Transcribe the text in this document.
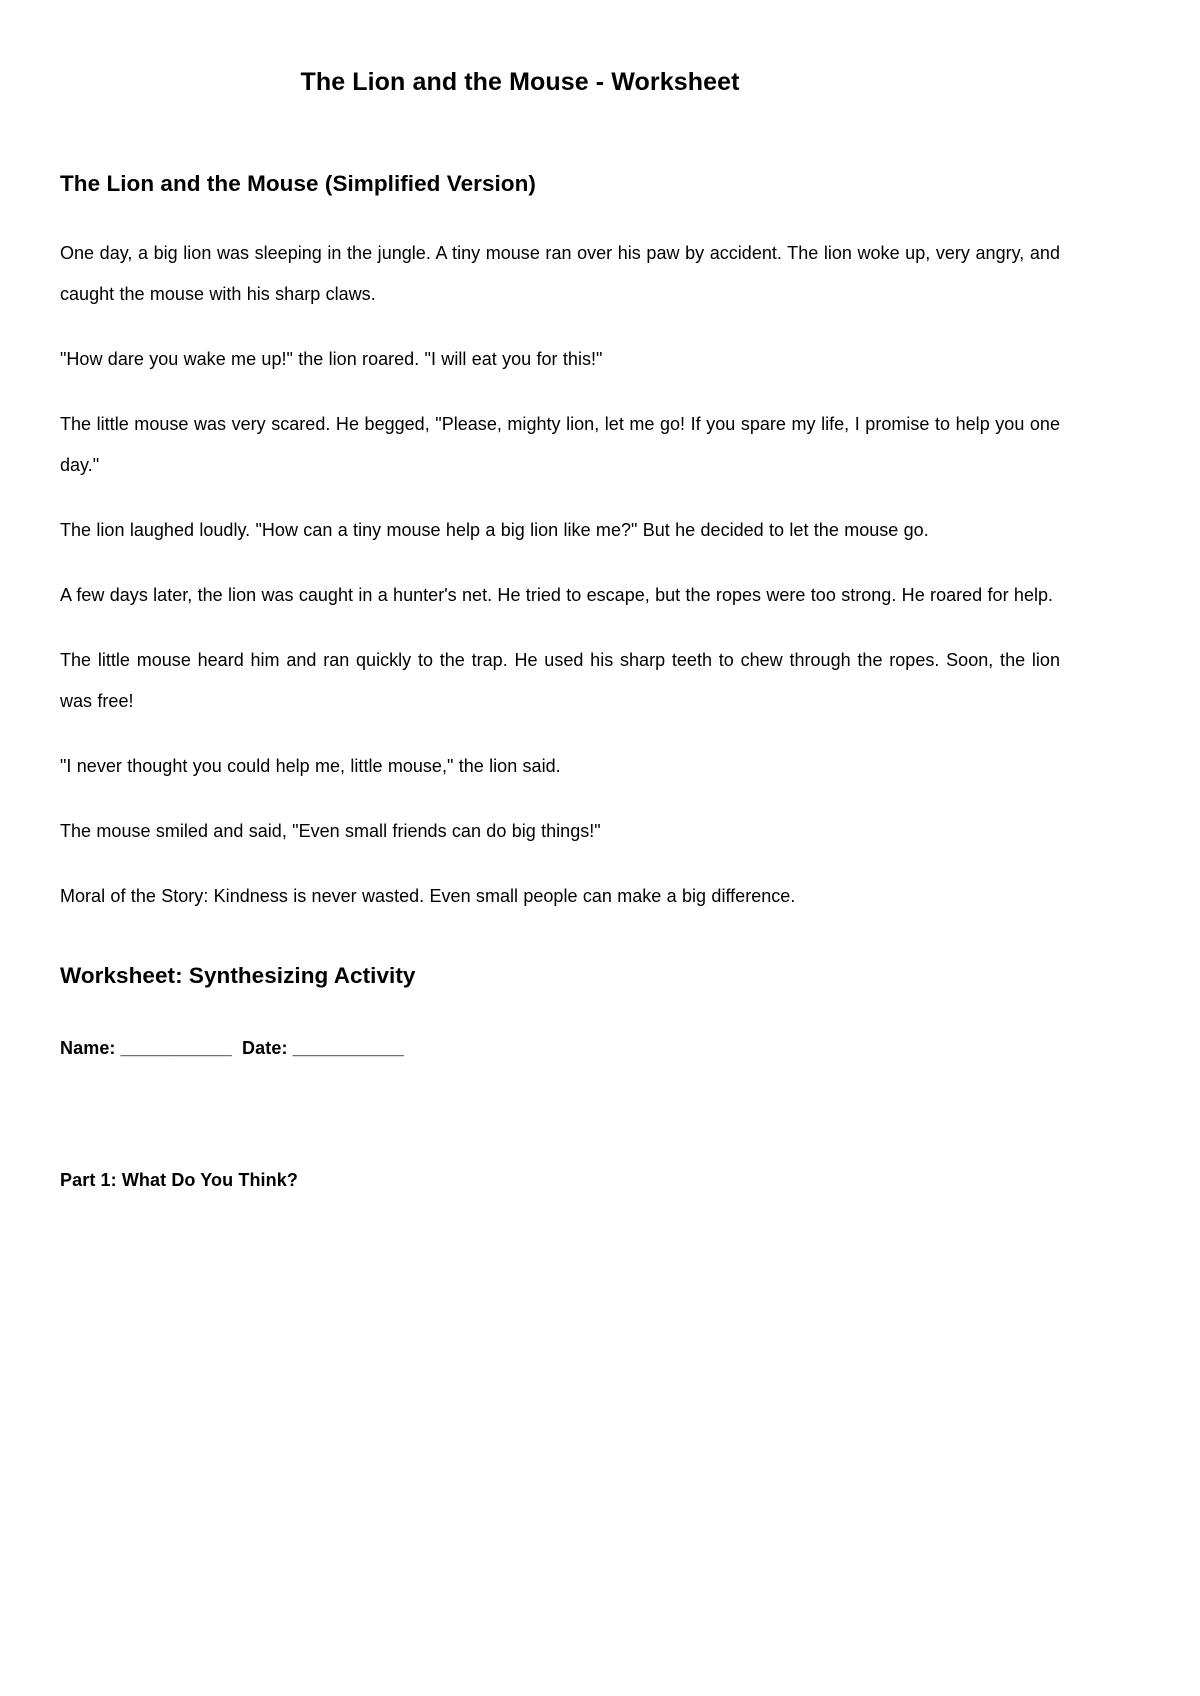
The Lion and the Mouse - Worksheet
The Lion and the Mouse (Simplified Version)

One day, a big lion was sleeping in the jungle. A tiny mouse ran over his paw by accident. The lion woke up, very angry, and caught the mouse with his sharp claws.

"How dare you wake me up!" the lion roared. "I will eat you for this!"

The little mouse was very scared. He begged, "Please, mighty lion, let me go! If you spare my life, I promise to help you one day."

The lion laughed loudly. "How can a tiny mouse help a big lion like me?" But he decided to let the mouse go.

A few days later, the lion was caught in a hunter's net. He tried to escape, but the ropes were too strong. He roared for help.

The little mouse heard him and ran quickly to the trap. He used his sharp teeth to chew through the ropes. Soon, the lion was free!

"I never thought you could help me, little mouse," the lion said.

The mouse smiled and said, "Even small friends can do big things!"

Moral of the Story: Kindness is never wasted. Even small people can make a big difference.

Worksheet: Synthesizing Activity

Name: ___________  Date: ___________

Part 1: What Do You Think?
